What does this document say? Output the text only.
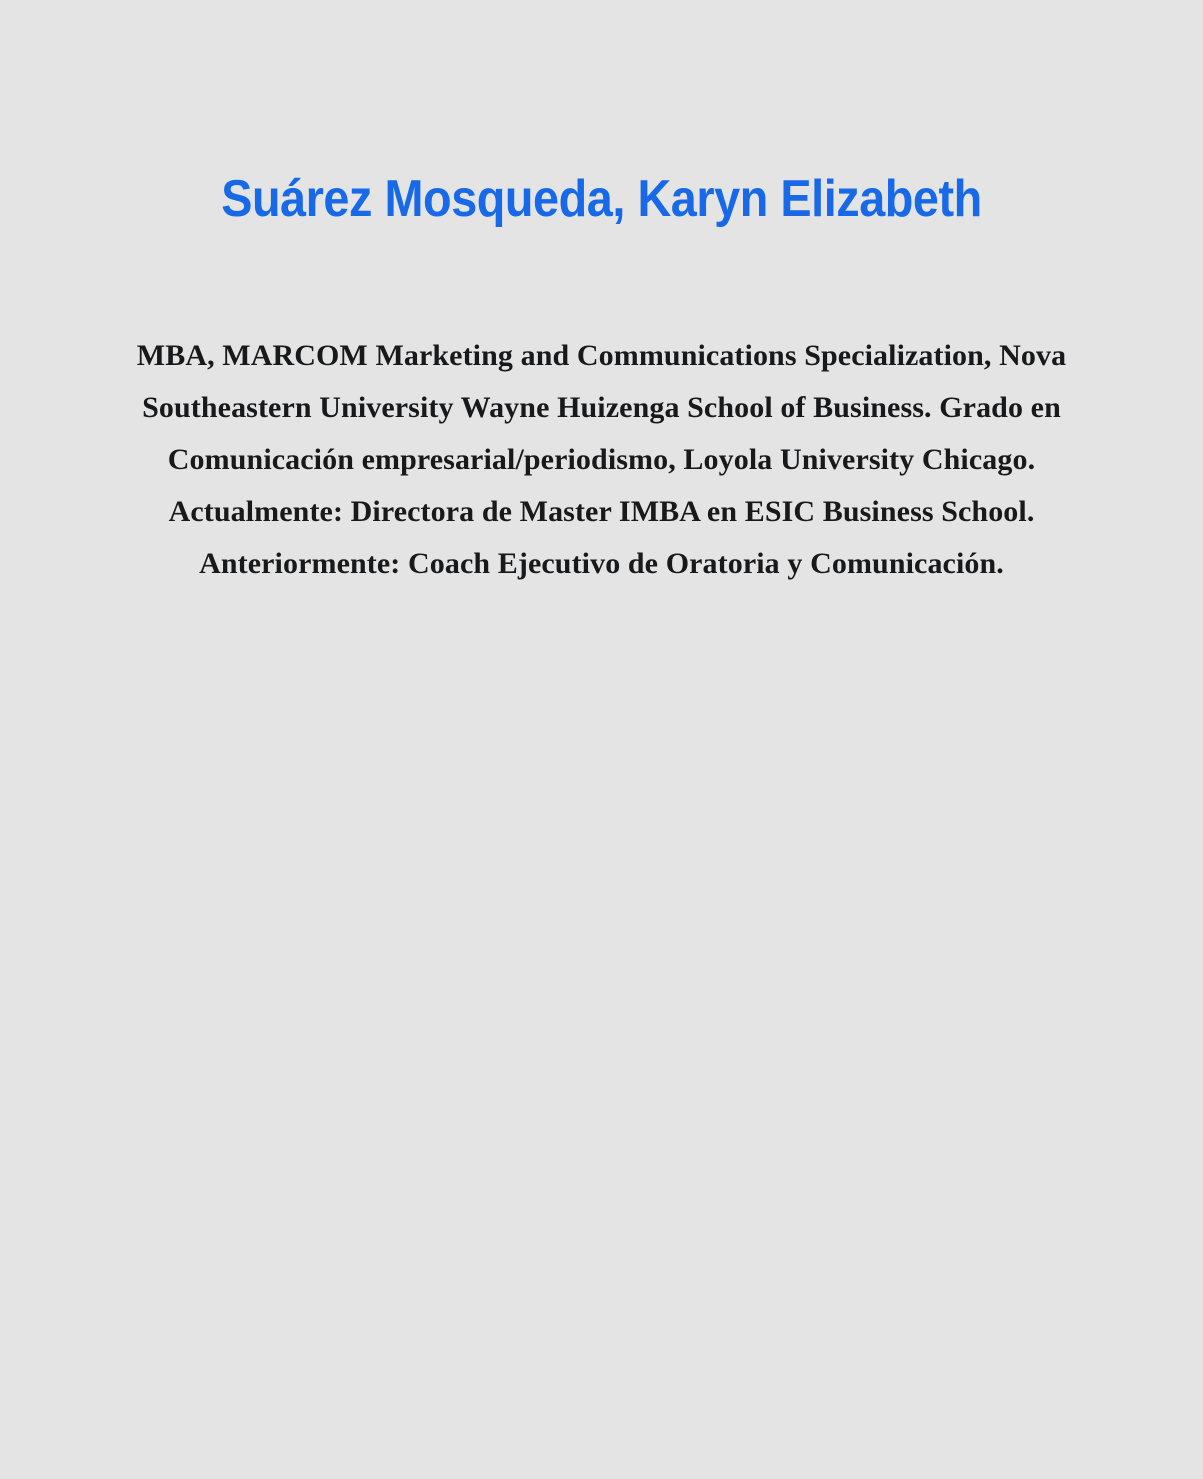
Suárez Mosqueda, Karyn Elizabeth

MBA, MARCOM Marketing and Communications Specialization, Nova Southeastern University Wayne Huizenga School of Business. Grado en Comunicación empresarial/periodismo, Loyola University Chicago. Actualmente: Directora de Master IMBA en ESIC Business School. Anteriormente: Coach Ejecutivo de Oratoria y Comunicación.
